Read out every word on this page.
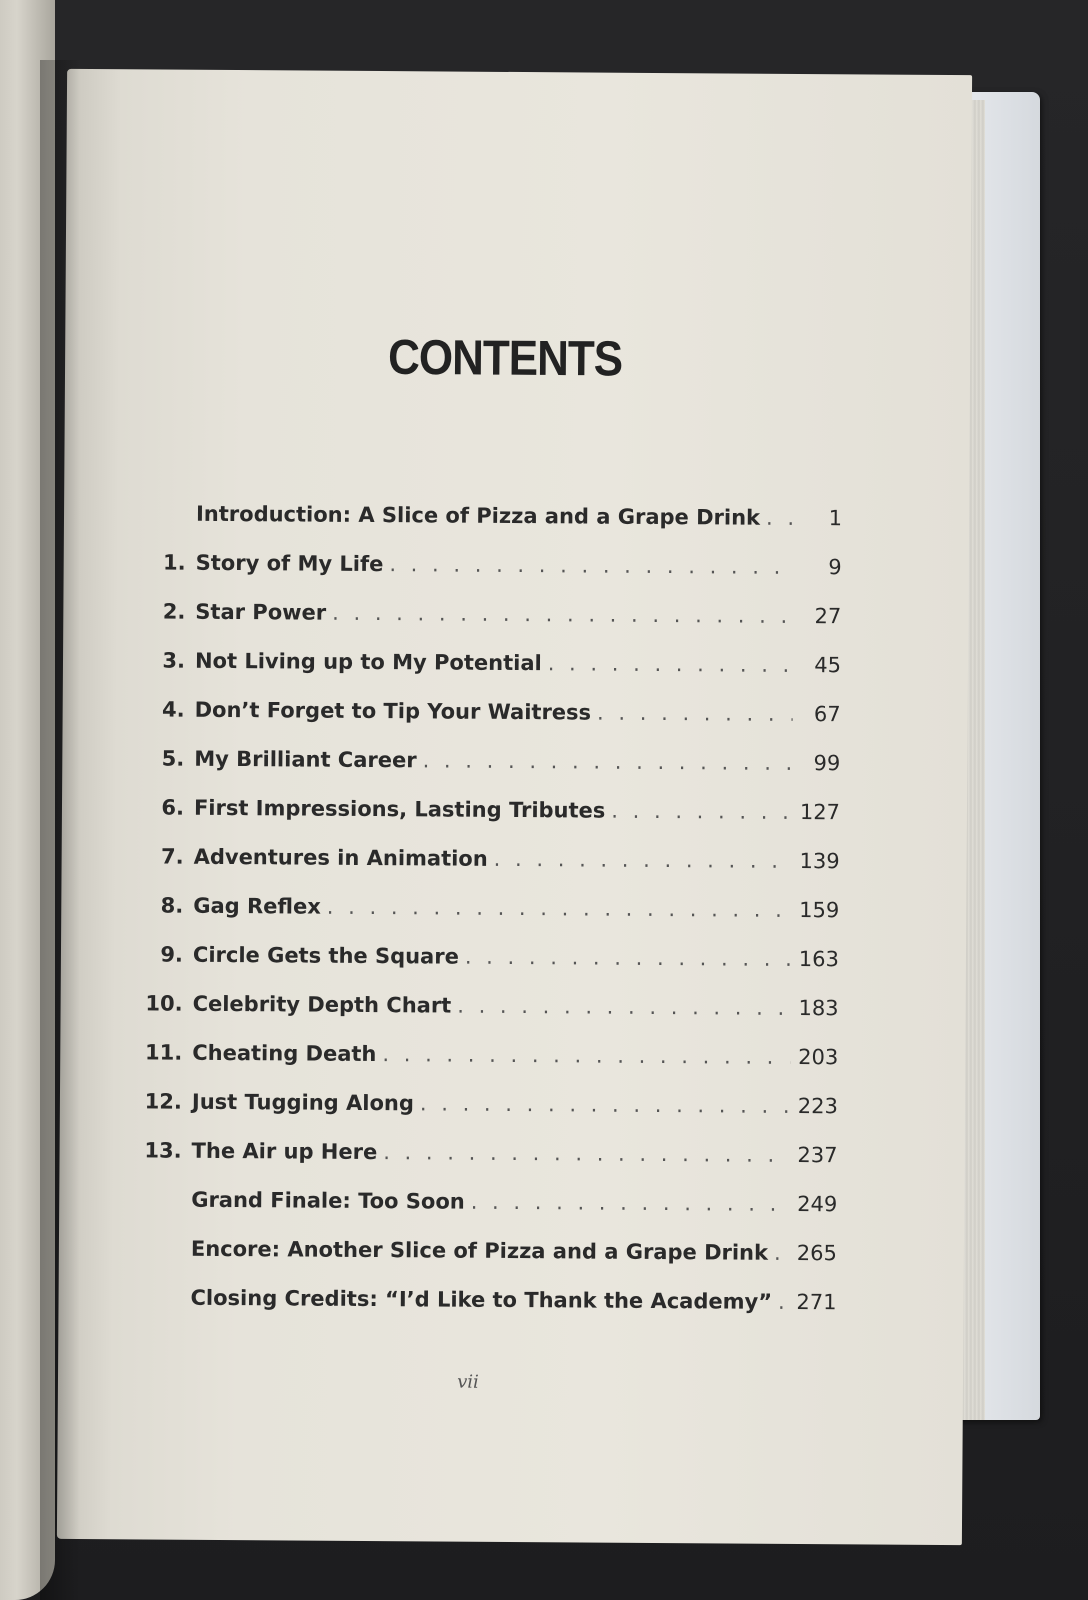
CONTENTS
Introduction: A Slice of Pizza and a Grape Drink . . .	1
1. Story of My Life . . .	9
2. Star Power . . .	27
3. Not Living up to My Potential . . .	45
4. Don’t Forget to Tip Your Waitress . . .	67
5. My Brilliant Career . . .	99
6. First Impressions, Lasting Tributes . . .	127
7. Adventures in Animation . . .	139
8. Gag Reflex . . .	159
9. Circle Gets the Square . . .	163
10. Celebrity Depth Chart . . .	183
11. Cheating Death . . .	203
12. Just Tugging Along . . .	223
13. The Air up Here . . .	237
Grand Finale: Too Soon . . .	249
Encore: Another Slice of Pizza and a Grape Drink . . . 265
Closing Credits: “I’d Like to Thank the Academy” . . . 271
vii
